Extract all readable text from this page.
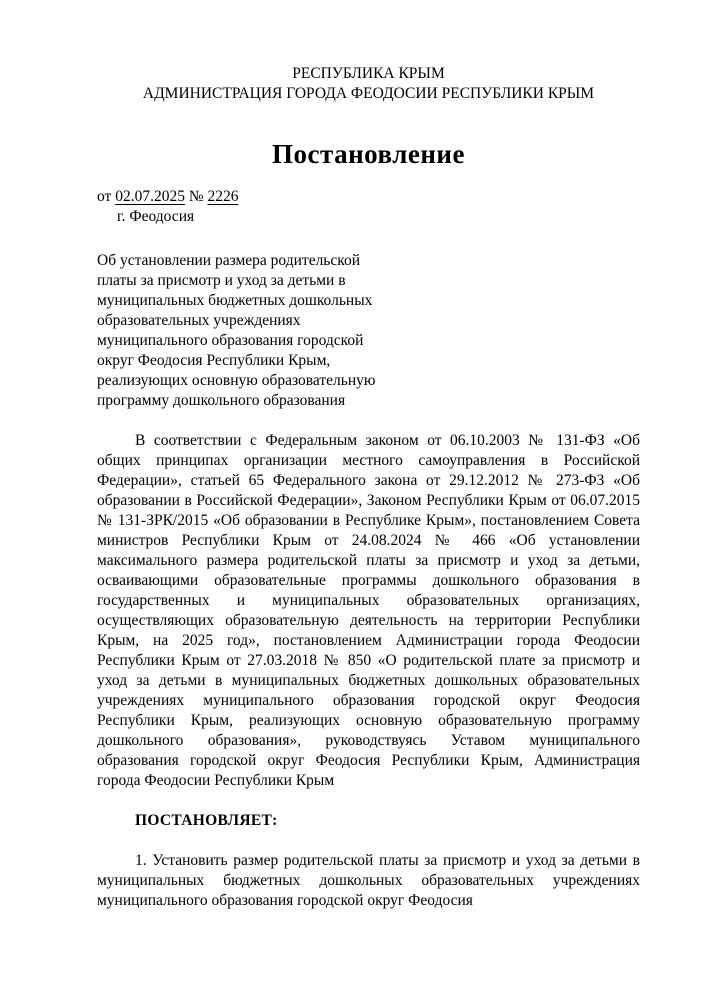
РЕСПУБЛИКА КРЫМ
АДМИНИСТРАЦИЯ ГОРОДА ФЕОДОСИИ РЕСПУБЛИКИ КРЫМ
Постановление
от 02.07.2025 № 2226
г. Феодосия
Об установлении размера родительской
платы за присмотр и уход за детьми в
муниципальных бюджетных дошкольных
образовательных учреждениях
муниципального образования городской
округ Феодосия Республики Крым,
реализующих основную образовательную
программу дошкольного образования
В соответствии с Федеральным законом от 06.10.2003 № 131-ФЗ «Об общих принципах организации местного самоуправления в Российской Федерации», статьей 65 Федерального закона от 29.12.2012 № 273-ФЗ «Об образовании в Российской Федерации», Законом Республики Крым от 06.07.2015 № 131-ЗРК/2015 «Об образовании в Республике Крым», постановлением Совета министров Республики Крым от 24.08.2024 № 466 «Об установлении максимального размера родительской платы за присмотр и уход за детьми, осваивающими образовательные программы дошкольного образования в государственных и муниципальных образовательных организациях, осуществляющих образовательную деятельность на территории Республики Крым, на 2025 год», постановлением Администрации города Феодосии Республики Крым от 27.03.2018 № 850 «О родительской плате за присмотр и уход за детьми в муниципальных бюджетных дошкольных образовательных учреждениях муниципального образования городской округ Феодосия Республики Крым, реализующих основную образовательную программу дошкольного образования», руководствуясь Уставом муниципального образования городской округ Феодосия Республики Крым, Администрация города Феодосии Республики Крым
ПОСТАНОВЛЯЕТ:
1. Установить размер родительской платы за присмотр и уход за детьми в муниципальных бюджетных дошкольных образовательных учреждениях муниципального образования городской округ Феодосия
